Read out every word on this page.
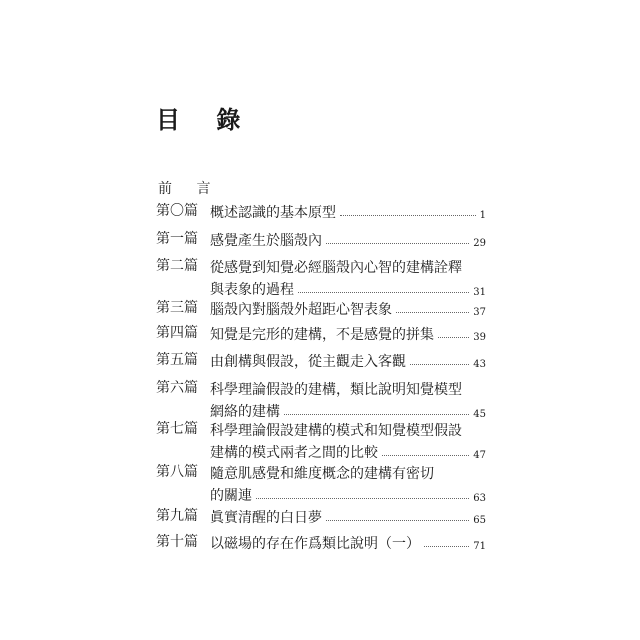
目 錄
前 言
第〇篇 概述認識的基本原型	1
第一篇 感覺產生於腦殼內	29
第二篇 從感覺到知覺必經腦殼內心智的建構詮釋
與表象的過程	31
第三篇 腦殼內對腦殼外超距心智表象	37
第四篇 知覺是完形的建構，不是感覺的拼集	39
第五篇 由創構與假設，從主觀走入客觀	43
第六篇 科學理論假設的建構，類比說明知覺模型
網絡的建構	45
第七篇 科學理論假設建構的模式和知覺模型假設
建構的模式兩者之間的比較	47
第八篇 隨意肌感覺和維度概念的建構有密切
的關連	63
第九篇 眞實清醒的白日夢	65
第十篇 以磁場的存在作爲類比說明（一）	71
